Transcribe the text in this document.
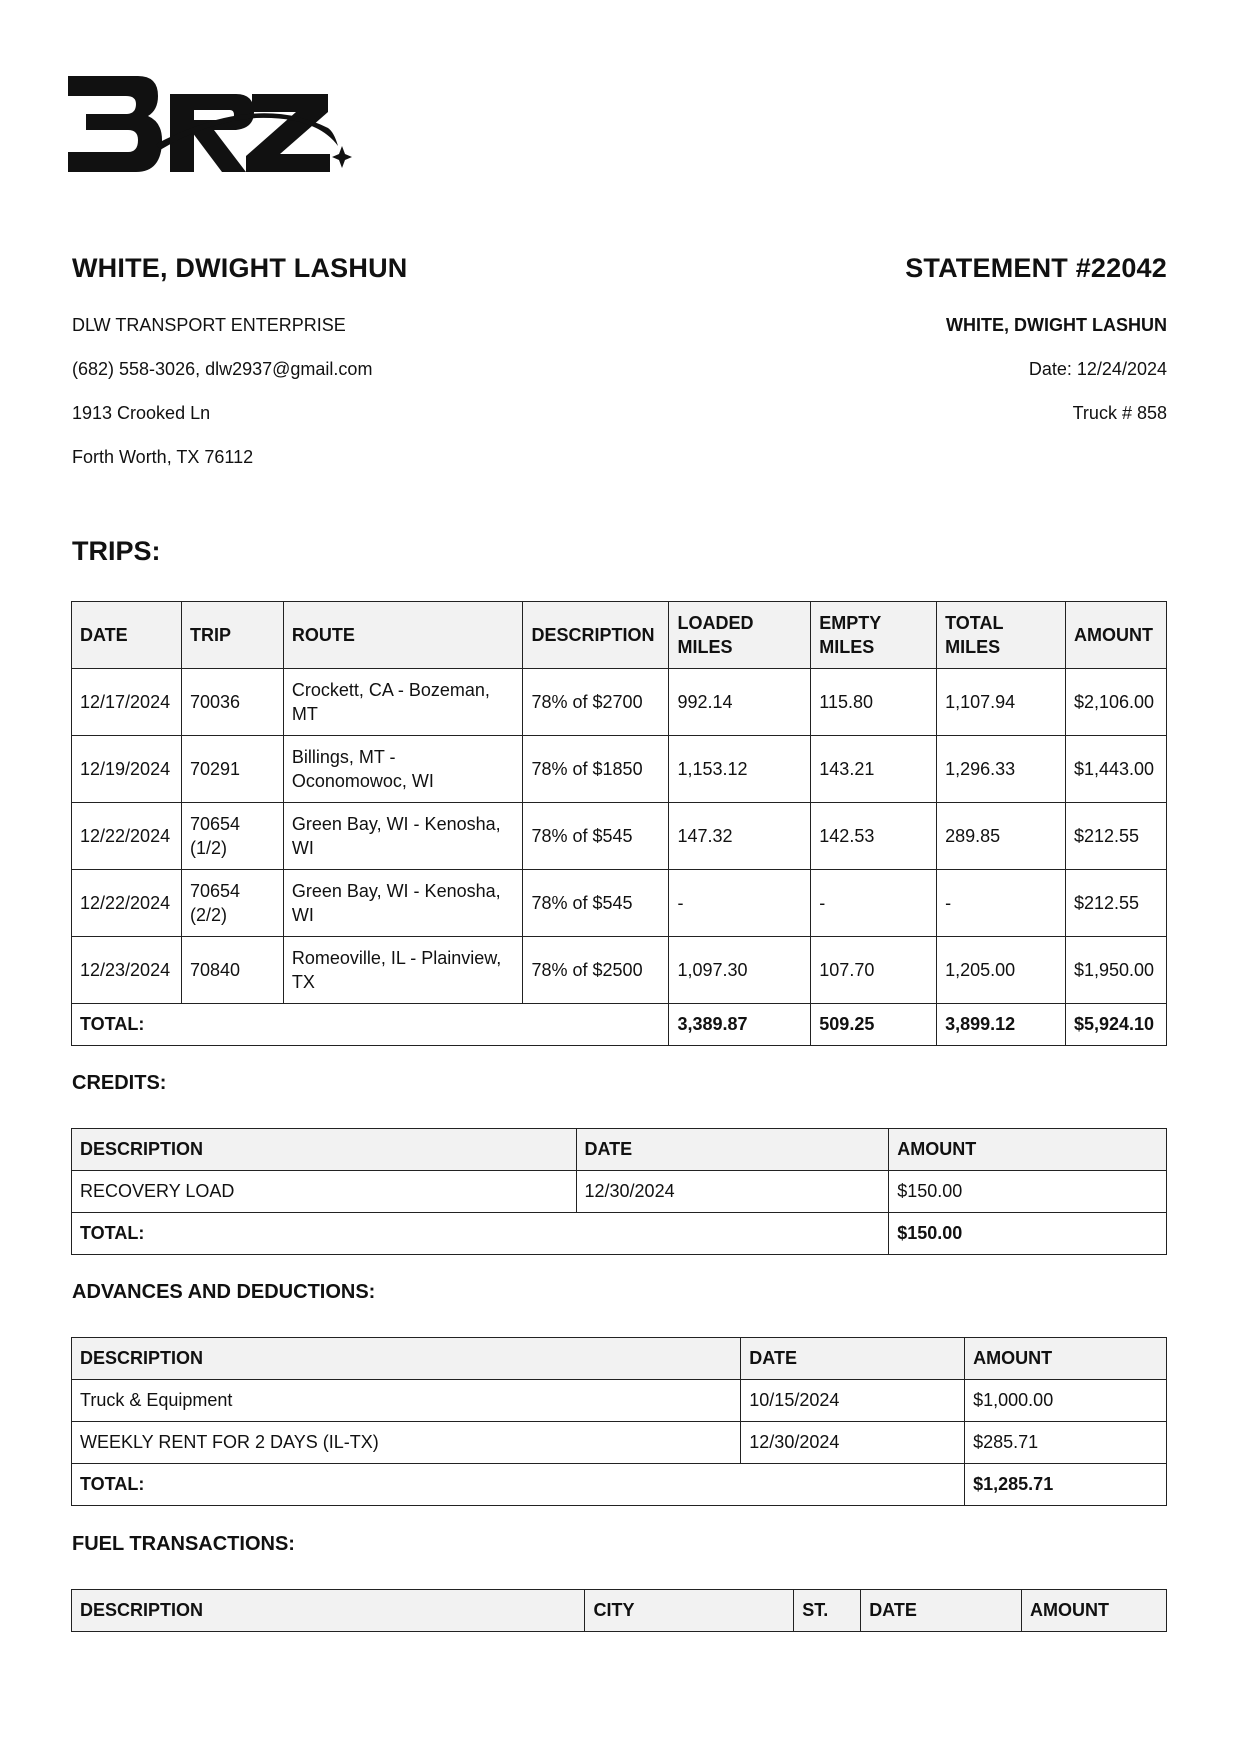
WHITE, DWIGHT LASHUN
DLW TRANSPORT ENTERPRISE
(682) 558-3026, dlw2937@gmail.com
1913 Crooked Ln
Forth Worth, TX 76112
STATEMENT #22042
WHITE, DWIGHT LASHUN
Date: 12/24/2024
Truck # 858
TRIPS:
DATE	TRIP	ROUTE	DESCRIPTION	LOADED MILES	EMPTY MILES	TOTAL MILES	AMOUNT
12/17/2024	70036	Crockett, CA - Bozeman, MT	78% of $2700	992.14	115.80	1,107.94	$2,106.00
12/19/2024	70291	Billings, MT - Oconomowoc, WI	78% of $1850	1,153.12	143.21	1,296.33	$1,443.00
12/22/2024	70654 (1/2)	Green Bay, WI - Kenosha, WI	78% of $545	147.32	142.53	289.85	$212.55
12/22/2024	70654 (2/2)	Green Bay, WI - Kenosha, WI	78% of $545	-	-	-	$212.55
12/23/2024	70840	Romeoville, IL - Plainview, TX	78% of $2500	1,097.30	107.70	1,205.00	$1,950.00
TOTAL:				3,389.87	509.25	3,899.12	$5,924.10
CREDITS:
DESCRIPTION	DATE	AMOUNT
RECOVERY LOAD	12/30/2024	$150.00
TOTAL:		$150.00
ADVANCES AND DEDUCTIONS:
DESCRIPTION	DATE	AMOUNT
Truck & Equipment	10/15/2024	$1,000.00
WEEKLY RENT FOR 2 DAYS (IL-TX)	12/30/2024	$285.71
TOTAL:		$1,285.71
FUEL TRANSACTIONS:
DESCRIPTION	CITY	ST.	DATE	AMOUNT
